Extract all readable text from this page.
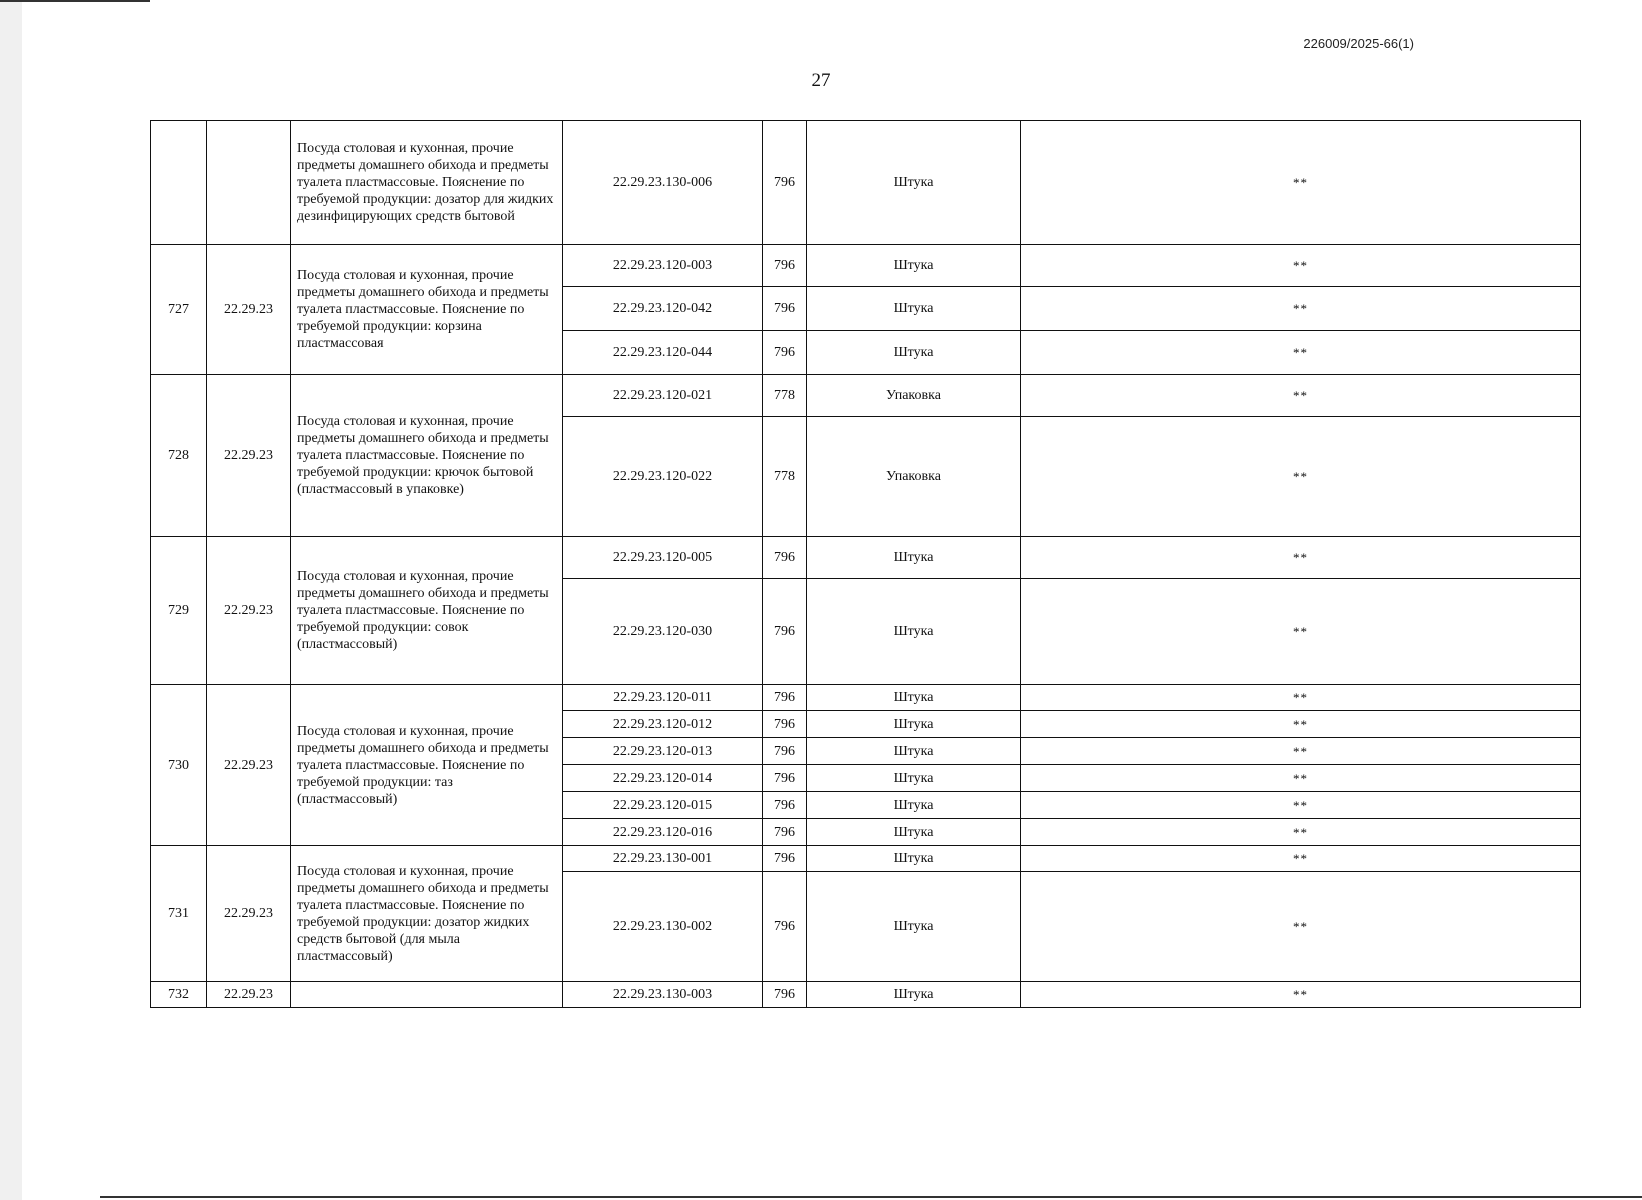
226009/2025-66(1)
27
		Посуда столовая и кухонная, прочие предметы домашнего обихода и предметы туалета пластмассовые. Пояснение по требуемой продукции: дозатор для жидких дезинфицирующих средств бытовой	22.29.23.130-006	796	Штука	**
727	22.29.23	Посуда столовая и кухонная, прочие предметы домашнего обихода и предметы туалета пластмассовые. Пояснение по требуемой продукции: корзина пластмассовая	22.29.23.120-003	796	Штука	**
			22.29.23.120-042	796	Штука	**
			22.29.23.120-044	796	Штука	**
728	22.29.23	Посуда столовая и кухонная, прочие предметы домашнего обихода и предметы туалета пластмассовые. Пояснение по требуемой продукции: крючок бытовой (пластмассовый в упаковке)	22.29.23.120-021	778	Упаковка	**
			22.29.23.120-022	778	Упаковка	**
729	22.29.23	Посуда столовая и кухонная, прочие предметы домашнего обихода и предметы туалета пластмассовые. Пояснение по требуемой продукции: совок (пластмассовый)	22.29.23.120-005	796	Штука	**
			22.29.23.120-030	796	Штука	**
730	22.29.23	Посуда столовая и кухонная, прочие предметы домашнего обихода и предметы туалета пластмассовые. Пояснение по требуемой продукции: таз (пластмассовый)	22.29.23.120-011	796	Штука	**
			22.29.23.120-012	796	Штука	**
			22.29.23.120-013	796	Штука	**
			22.29.23.120-014	796	Штука	**
			22.29.23.120-015	796	Штука	**
			22.29.23.120-016	796	Штука	**
731	22.29.23	Посуда столовая и кухонная, прочие предметы домашнего обихода и предметы туалета пластмассовые. Пояснение по требуемой продукции: дозатор жидких средств бытовой (для мыла пластмассовый)	22.29.23.130-001	796	Штука	**
			22.29.23.130-002	796	Штука	**
732	22.29.23		22.29.23.130-003	796	Штука	**
